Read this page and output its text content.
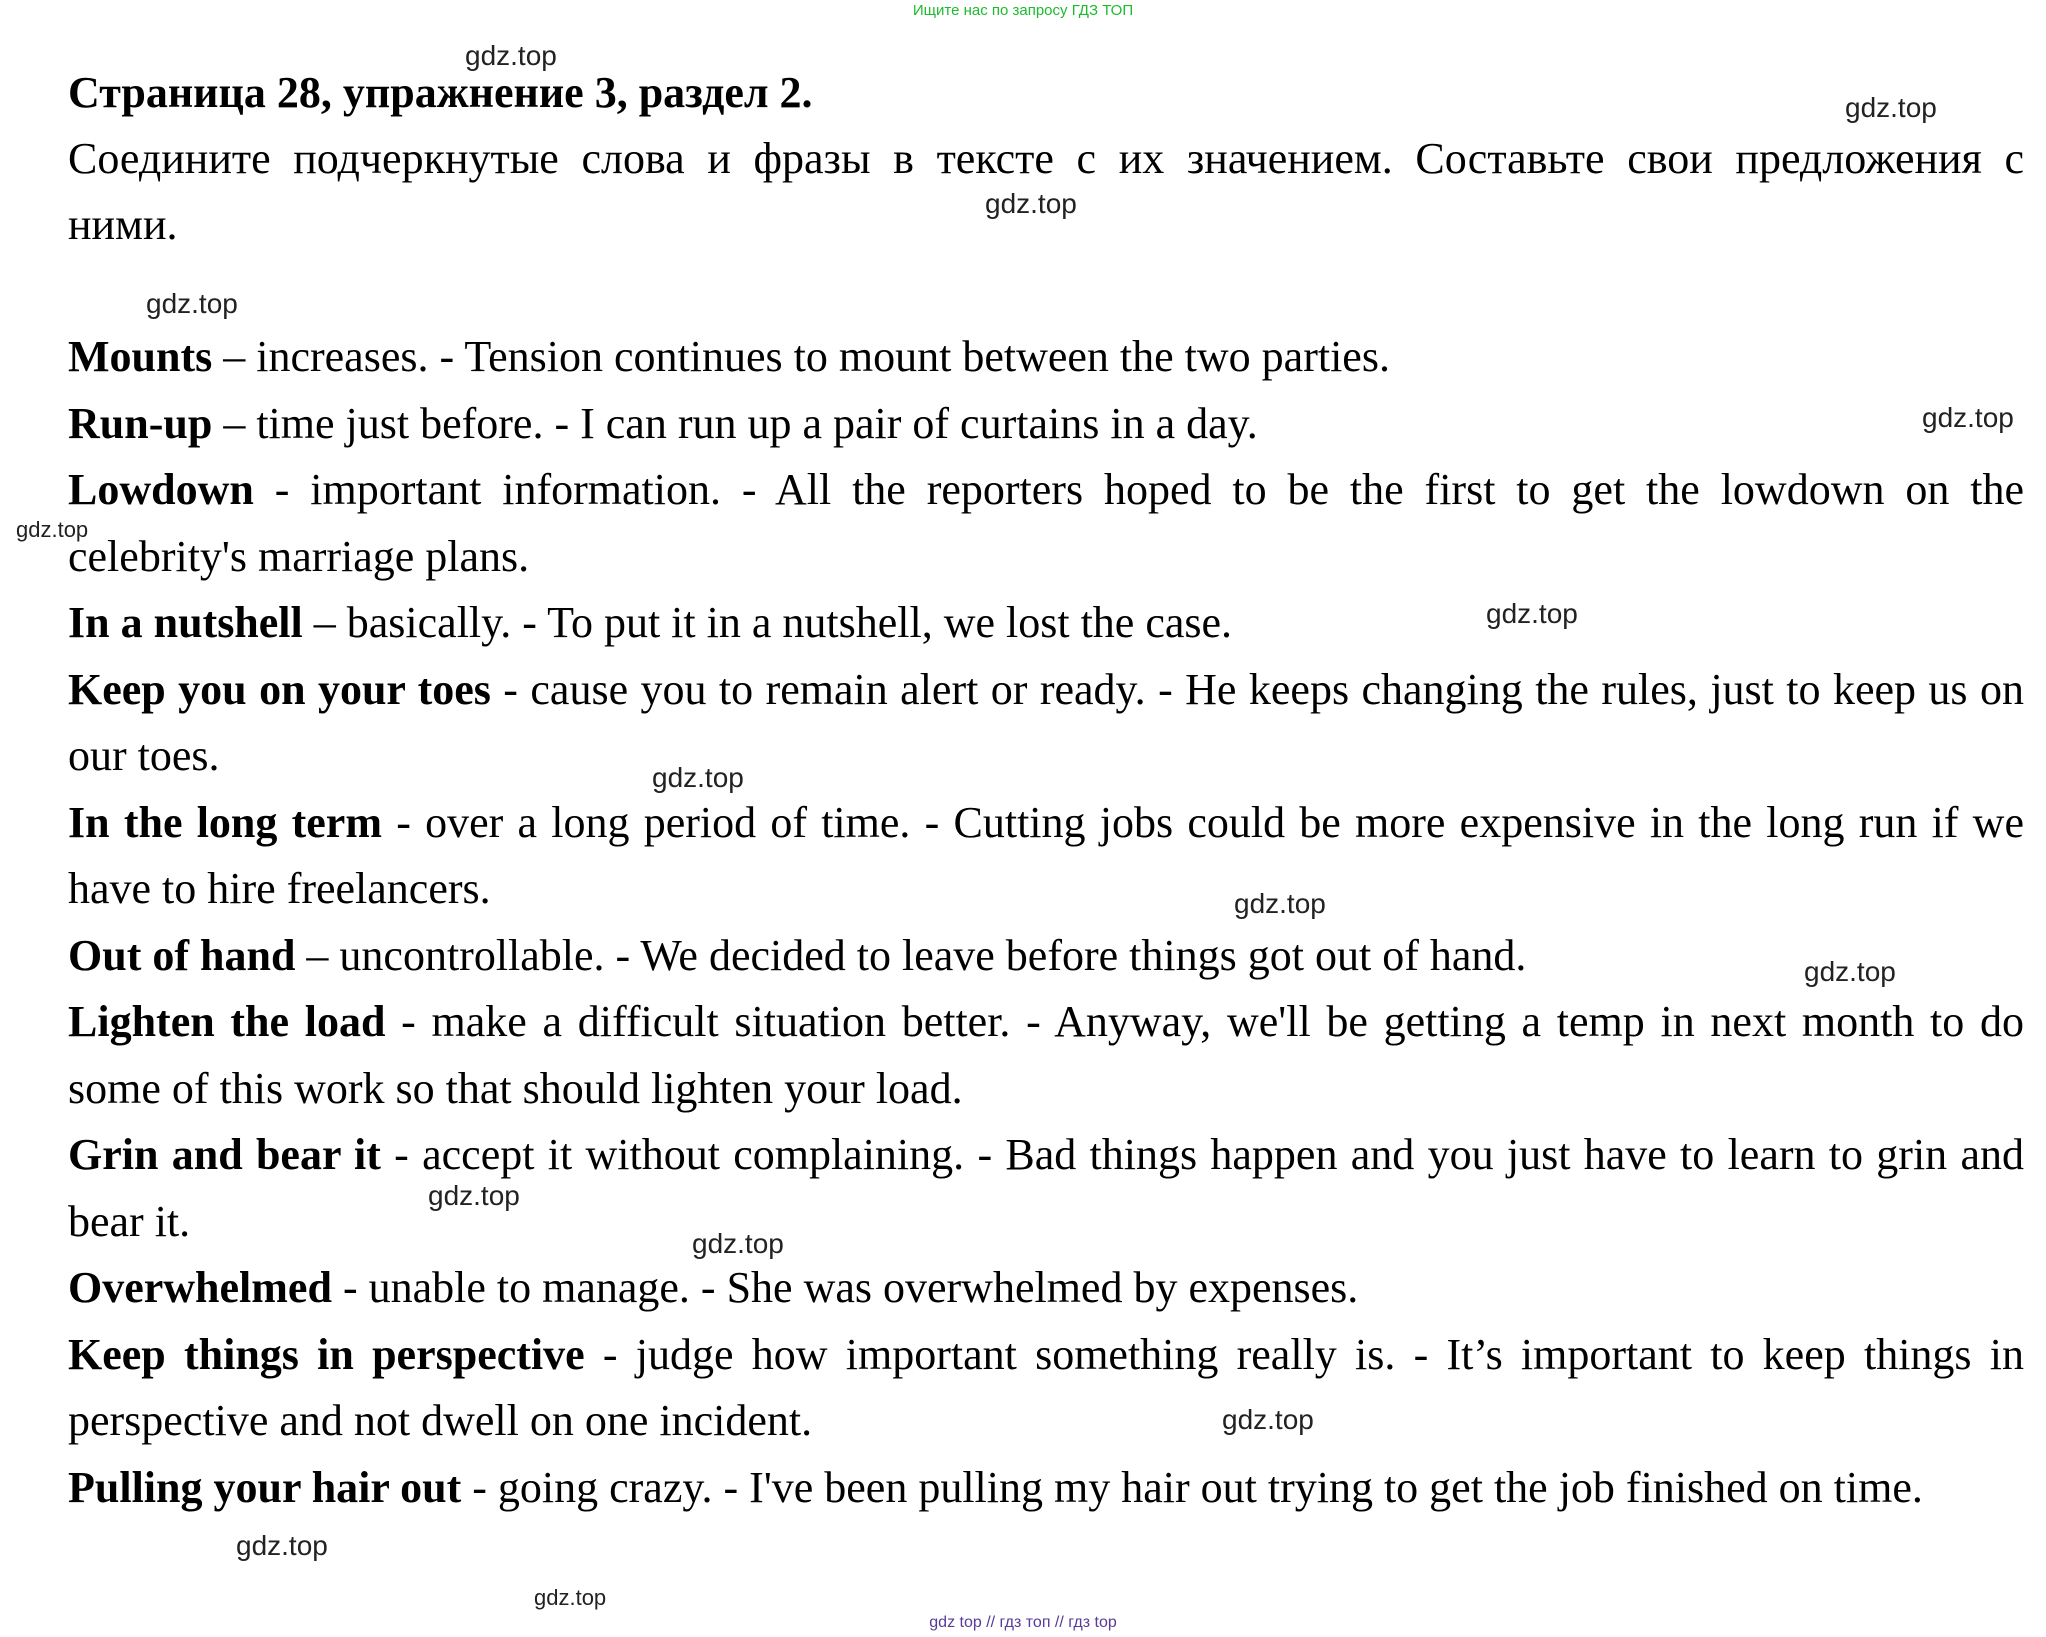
Ищите нас по запросу ГДЗ ТОП

Страница 28, упражнение 3, раздел 2.

Соедините подчеркнутые слова и фразы в тексте с их значением. Составьте свои предложения с ними.

Mounts – increases. - Tension continues to mount between the two parties.

Run-up – time just before. - I can run up a pair of curtains in a day.

Lowdown - important information. - All the reporters hoped to be the first to get the lowdown on the celebrity's marriage plans.

In a nutshell – basically. - To put it in a nutshell, we lost the case.

Keep you on your toes - cause you to remain alert or ready. - He keeps changing the rules, just to keep us on our toes.

In the long term - over a long period of time. - Cutting jobs could be more expensive in the long run if we have to hire freelancers.

Out of hand – uncontrollable. - We decided to leave before things got out of hand.

Lighten the load - make a difficult situation better. - Anyway, we'll be getting a temp in next month to do some of this work so that should lighten your load.

Grin and bear it - accept it without complaining. - Bad things happen and you just have to learn to grin and bear it.

Overwhelmed - unable to manage. - She was overwhelmed by expenses.

Keep things in perspective - judge how important something really is. - It’s important to keep things in perspective and not dwell on one incident.

Pulling your hair out - going crazy. - I've been pulling my hair out trying to get the job finished on time.

gdz.top
gdz.top
gdz.top
gdz.top
gdz.top
gdz.top
gdz.top
gdz.top
gdz.top
gdz.top
gdz.top
gdz.top
gdz.top
gdz.top
gdz.top
gdz top // гдз топ // гдз top
